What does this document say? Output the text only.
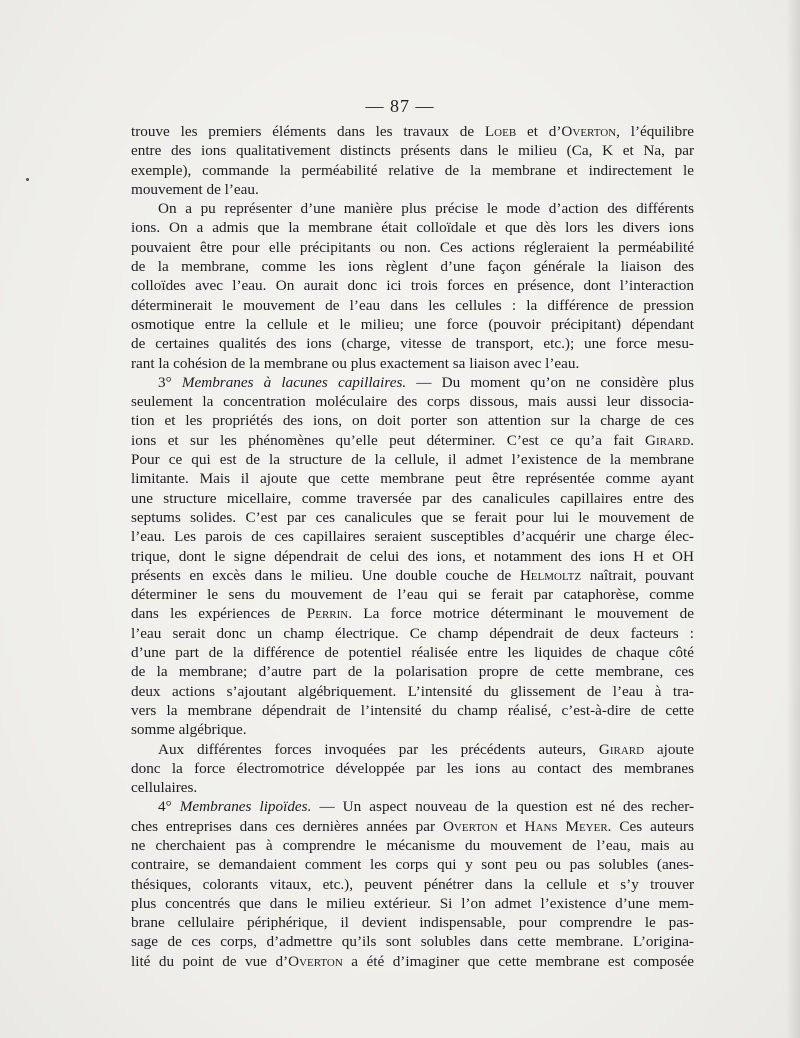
— 87 —
trouve les premiers éléments dans les travaux de Loeb et d’Overton, l’équilibre
entre des ions qualitativement distincts présents dans le milieu (Ca, K et Na, par
exemple), commande la perméabilité relative de la membrane et indirectement le
mouvement de l’eau.
On a pu représenter d’une manière plus précise le mode d’action des différents
ions. On a admis que la membrane était colloïdale et que dès lors les divers ions
pouvaient être pour elle précipitants ou non. Ces actions régleraient la perméabilité
de la membrane, comme les ions règlent d’une façon générale la liaison des
colloïdes avec l’eau. On aurait donc ici trois forces en présence, dont l’interaction
déterminerait le mouvement de l’eau dans les cellules : la différence de pression
osmotique entre la cellule et le milieu; une force (pouvoir précipitant) dépendant
de certaines qualités des ions (charge, vitesse de transport, etc.); une force mesu-
rant la cohésion de la membrane ou plus exactement sa liaison avec l’eau.
3° Membranes à lacunes capillaires. — Du moment qu’on ne considère plus
seulement la concentration moléculaire des corps dissous, mais aussi leur dissocia-
tion et les propriétés des ions, on doit porter son attention sur la charge de ces
ions et sur les phénomènes qu’elle peut déterminer. C’est ce qu’a fait Girard.
Pour ce qui est de la structure de la cellule, il admet l’existence de la membrane
limitante. Mais il ajoute que cette membrane peut être représentée comme ayant
une structure micellaire, comme traversée par des canalicules capillaires entre des
septums solides. C’est par ces canalicules que se ferait pour lui le mouvement de
l’eau. Les parois de ces capillaires seraient susceptibles d’acquérir une charge élec-
trique, dont le signe dépendrait de celui des ions, et notamment des ions H et OH
présents en excès dans le milieu. Une double couche de Helmoltz naîtrait, pouvant
déterminer le sens du mouvement de l’eau qui se ferait par cataphorèse, comme
dans les expériences de Perrin. La force motrice déterminant le mouvement de
l’eau serait donc un champ électrique. Ce champ dépendrait de deux facteurs :
d’une part de la différence de potentiel réalisée entre les liquides de chaque côté
de la membrane; d’autre part de la polarisation propre de cette membrane, ces
deux actions s’ajoutant algébriquement. L’intensité du glissement de l’eau à tra-
vers la membrane dépendrait de l’intensité du champ réalisé, c’est-à-dire de cette
somme algébrique.
Aux différentes forces invoquées par les précédents auteurs, Girard ajoute
donc la force électromotrice développée par les ions au contact des membranes
cellulaires.
4° Membranes lipoïdes. — Un aspect nouveau de la question est né des recher-
ches entreprises dans ces dernières années par Overton et Hans Meyer. Ces auteurs
ne cherchaient pas à comprendre le mécanisme du mouvement de l’eau, mais au
contraire, se demandaient comment les corps qui y sont peu ou pas solubles (anes-
thésiques, colorants vitaux, etc.), peuvent pénétrer dans la cellule et s’y trouver
plus concentrés que dans le milieu extérieur. Si l’on admet l’existence d’une mem-
brane cellulaire périphérique, il devient indispensable, pour comprendre le pas-
sage de ces corps, d’admettre qu’ils sont solubles dans cette membrane. L’origina-
lité du point de vue d’Overton a été d’imaginer que cette membrane est composée
